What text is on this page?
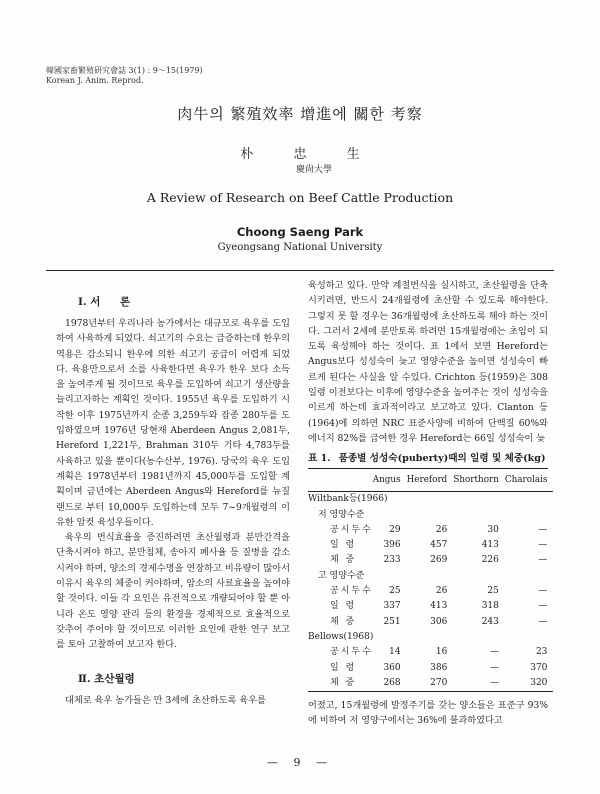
韓國家畜繁殖研究會誌 3(1) : 9～15(1979)
Korean J. Anim. Reprod.
肉牛의 繁殖效率 增進에 關한 考察
朴 忠 生
慶尙大學
A Review of Research on Beef Cattle Production
Choong Saeng Park
Gyeongsang National University
Ⅰ. 서 론

1978년부터 우리나라 농가에서는 대규모로 육우를 도입하여 사육하게 되었다. 쇠고기의 수요는 급증하는데 한우의 역용은 감소되니 한우에 의한 쇠고기 공급이 어렵게 되었다. 육용만으로서 소를 사육한다면 육우가 한우 보다 소득을 높여주게 될 것이므로 육우를 도입하여 쇠고기 생산량을 늘리고자하는 계획인 것이다. 1955년 육우를 도입하기 시작한 이후 1975년까지 순종 3,259두와 잡종 280두를 도입하였으며 1976년 당현재 Aberdeen Angus 2,081두, Hereford 1,221두, Brahman 310두 기타 4,783두를 사육하고 있을 뿐이다(농수산부, 1976). 당국의 육우 도입계획은 1978년부터 1981년까지 45,000두를 도입할 계획이며 금년에는 Aberdeen Angus와 Hereford를 뉴질랜드로 부터 10,000두 도입하는데 모두 7~9개월령의 이유한 암컷 육성우들이다.

육우의 번식효율을 증진하려면 초산월령과 분만간격을 단축시켜야 하고, 분만침체, 송아지 폐사율 등 질병을 감소시켜야 하며, 양소의 경제수명을 연장하고 비유량이 많아서 이유시 육우의 체중이 커야하며, 암소의 사료효율을 높여야 할 것이다. 이들 각 요인은 유전적으로 개량되어야 할 뿐 아니라 온도 영양 관리 등의 환경을 경제적으로 효율적으로 갖추어 주어야 할 것이므로 이러한 요인에 관한 연구 보고를 토아 고찰하여 보고자 한다.

Ⅱ. 초산월령

대체로 육우 농가들은 만 3세에 초산하도록 육우를

육성하고 있다. 만약 계절번식을 실시하고, 초산월령을 단축시키려면, 반드시 24개월령에 초산할 수 있도록 해야한다. 그렇지 못 할 경우는 36개월령에 초산하도록 해야 하는 것이다. 그러서 2세에 분만토록 하려면 15개월령에는 초임이 되도록 육성해야 하는 것이다. 표 1에서 보면 Hereford는 Angus보다 성성숙이 늦고 영양수준을 높이면 성성숙이 빠르게 된다는 사실을 알 수있다. Crichton 등(1959)은 308일령 이전보다는 이후에 영양수준을 높여주는 것이 성성숙을 이르게 하는데 효과적이라고 보고하고 있다. Clanton 등(1964)에 의하면 NRC 표준사양에 비하여 단백질 60%와 에너지 82%를 급여한 경우 Hereford는 66일 성성숙이 늦

표 1. 품종별 성성숙(puberty)때의 일령 및 체중(kg)
	Angus	Hereford	Shorthorn	Charolais
Wiltbank등(1966)				
저 영양수준				
공시두수	29	26	30	—
일 령	396	457	413	—
체 중	233	269	226	—
고 영양수준				
공시두수	25	26	25	—
일 령	337	413	318	—
체 중	251	306	243	—
Bellows(1968)				
공시두수	14	16	—	23
일 령	360	386	—	370
체 중	268	270	—	320

어졌고, 15개월령에 발정주기를 갖는 양소들은 표준구 93%에 비하여 저 영양구에서는 36%에 불과하였다고

— 9 —
